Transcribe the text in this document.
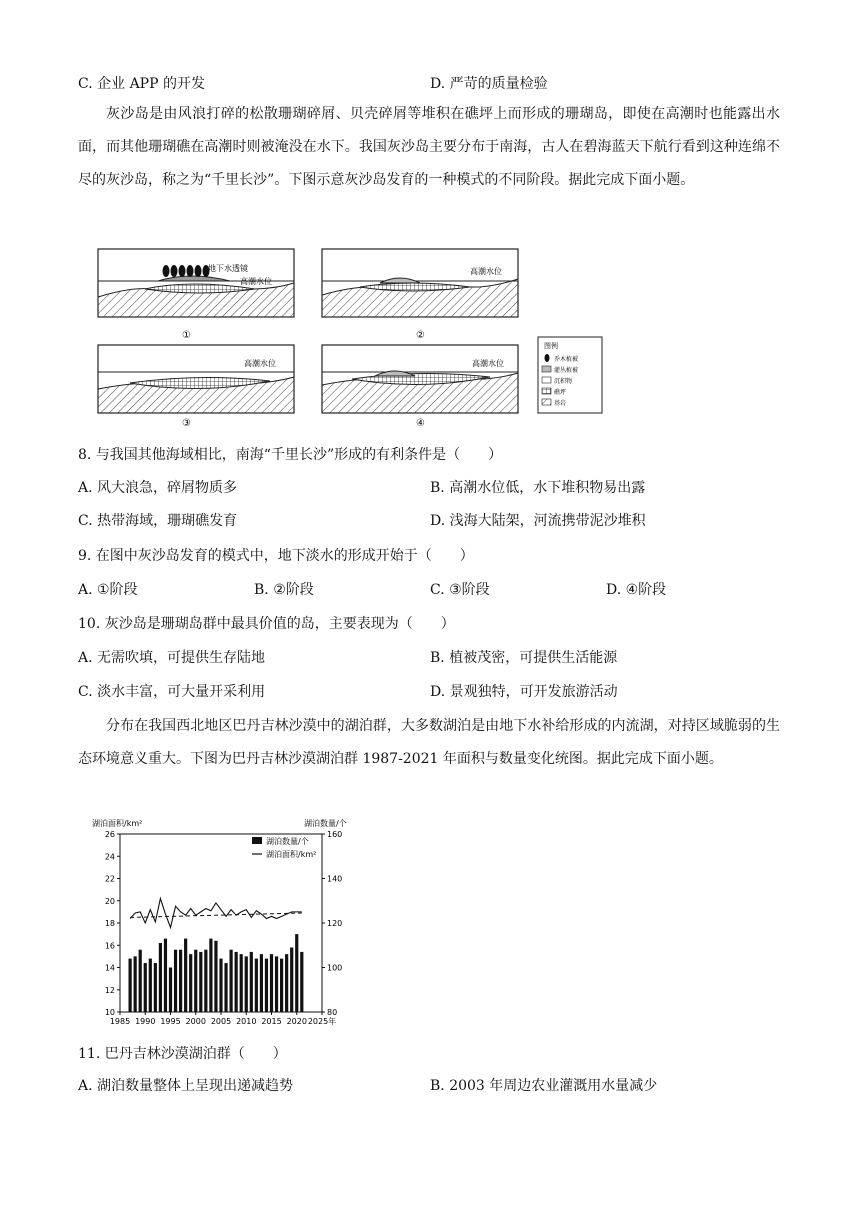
C. 企业 APP 的开发	D. 严苛的质量检验
灰沙岛是由风浪打碎的松散珊瑚碎屑、贝壳碎屑等堆积在礁坪上而形成的珊瑚岛，即使在高潮时也能露出水面，而其他珊瑚礁在高潮时则被淹没在水下。我国灰沙岛主要分布于南海，古人在碧海蓝天下航行看到这种连绵不尽的灰沙岛，称之为“千里长沙”。下图示意灰沙岛发育的一种模式的不同阶段。据此完成下面小题。
地下水透镜
高潮水位
①
高潮水位
②
高潮水位
③
高潮水位
④
图例
乔木植被
灌丛植被
沉积物
礁坪
基岩
8. 与我国其他海域相比，南海“千里长沙”形成的有利条件是（　　）
A. 风大浪急，碎屑物质多	B. 高潮水位低，水下堆积物易出露
C. 热带海域，珊瑚礁发育	D. 浅海大陆架，河流携带泥沙堆积
9. 在图中灰沙岛发育的模式中，地下淡水的形成开始于（　　）
A. ①阶段	B. ②阶段	C. ③阶段	D. ④阶段
10. 灰沙岛是珊瑚岛群中最具价值的岛，主要表现为（　　）
A. 无需吹填，可提供生存陆地	B. 植被茂密，可提供生活能源
C. 淡水丰富，可大量开采利用	D. 景观独特，可开发旅游活动
分布在我国西北地区巴丹吉林沙漠中的湖泊群，大多数湖泊是由地下水补给形成的内流湖，对持区域脆弱的生态环境意义重大。下图为巴丹吉林沙漠湖泊群 1987-2021 年面积与数量变化统图。据此完成下面小题。
湖泊面积/km²	湖泊数量/个
10
12
14
16
18
20
22
24
26
80
100
120
140
160
1985 1990 1995 2000 2005 2010 2015 2020 2025年
湖泊数量/个
湖泊面积/km²
11. 巴丹吉林沙漠湖泊群（　　）
A. 湖泊数量整体上呈现出递减趋势	B. 2003 年周边农业灌溉用水量减少
